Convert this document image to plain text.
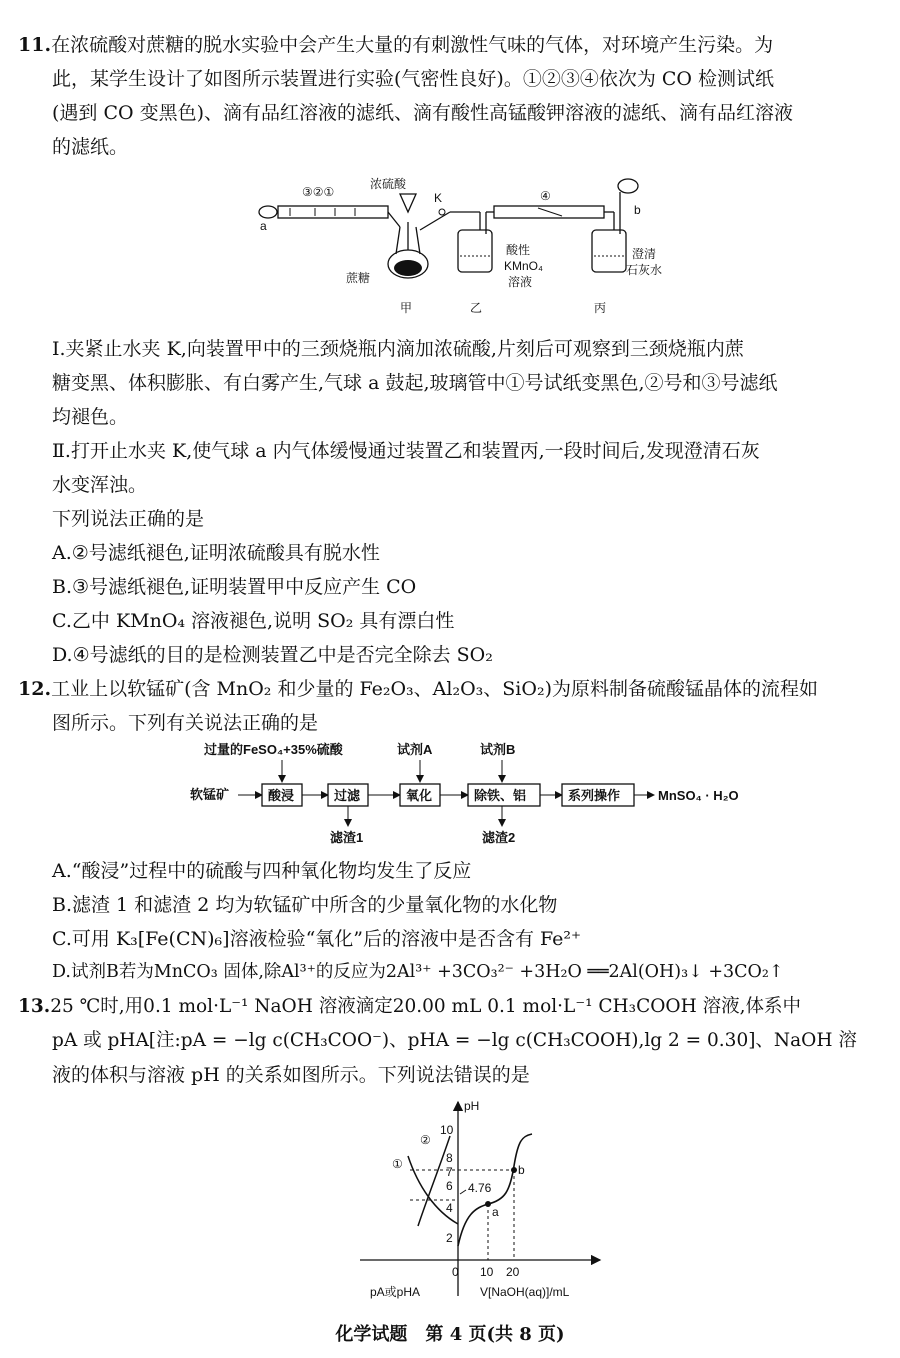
11.在浓硫酸对蔗糖的脱水实验中会产生大量的有刺激性气味的气体，对环境产生污染。为
此，某学生设计了如图所示装置进行实验(气密性良好)。①②③④依次为 CO 检测试纸
(遇到 CO 变黑色)、滴有品红溶液的滤纸、滴有酸性高锰酸钾溶液的滤纸、滴有品红溶液
的滤纸。
a
③②①
浓硫酸
蔗糖
K
酸性
KMnO₄
溶液
④
b
澄清
石灰水
甲	乙	丙
Ⅰ.夹紧止水夹 K,向装置甲中的三颈烧瓶内滴加浓硫酸,片刻后可观察到三颈烧瓶内蔗
糖变黑、体积膨胀、有白雾产生,气球 a 鼓起,玻璃管中①号试纸变黑色,②号和③号滤纸
均褪色。
Ⅱ.打开止水夹 K,使气球 a 内气体缓慢通过装置乙和装置丙,一段时间后,发现澄清石灰
水变浑浊。
下列说法正确的是
A.②号滤纸褪色,证明浓硫酸具有脱水性
B.③号滤纸褪色,证明装置甲中反应产生 CO
C.乙中 KMnO₄ 溶液褪色,说明 SO₂ 具有漂白性
D.④号滤纸的目的是检测装置乙中是否完全除去 SO₂
12.工业上以软锰矿(含 MnO₂ 和少量的 Fe₂O₃、Al₂O₃、SiO₂)为原料制备硫酸锰晶体的流程如
图所示。下列有关说法正确的是
过量的FeSO₄+35%硫酸	试剂A	试剂B
软锰矿	酸浸	过滤	氧化	除铁、铝	系列操作	MnSO₄ · H₂O
滤渣1	滤渣2
A.“酸浸”过程中的硫酸与四种氧化物均发生了反应
B.滤渣 1 和滤渣 2 均为软锰矿中所含的少量氧化物的水化物
C.可用 K₃[Fe(CN)₆]溶液检验“氧化”后的溶液中是否含有 Fe²⁺
D.试剂B若为MnCO₃ 固体,除Al³⁺的反应为2Al³⁺ +3CO₃²⁻ +3H₂O ══2Al(OH)₃↓ +3CO₂↑
13.25 ℃时,用0.1 mol·L⁻¹ NaOH 溶液滴定20.00 mL 0.1 mol·L⁻¹ CH₃COOH 溶液,体系中
pA 或 pHA[注:pA = −lg c(CH₃COO⁻)、pHA = −lg c(CH₃COOH),lg 2 = 0.30]、NaOH 溶
液的体积与溶液 pH 的关系如图所示。下列说法错误的是
pH
2
4
6
7
8
10
0 10 20
①
②
a
b
4.76
pA或pHA	V[NaOH(aq)]/mL
化学试题　第 4 页(共 8 页)
